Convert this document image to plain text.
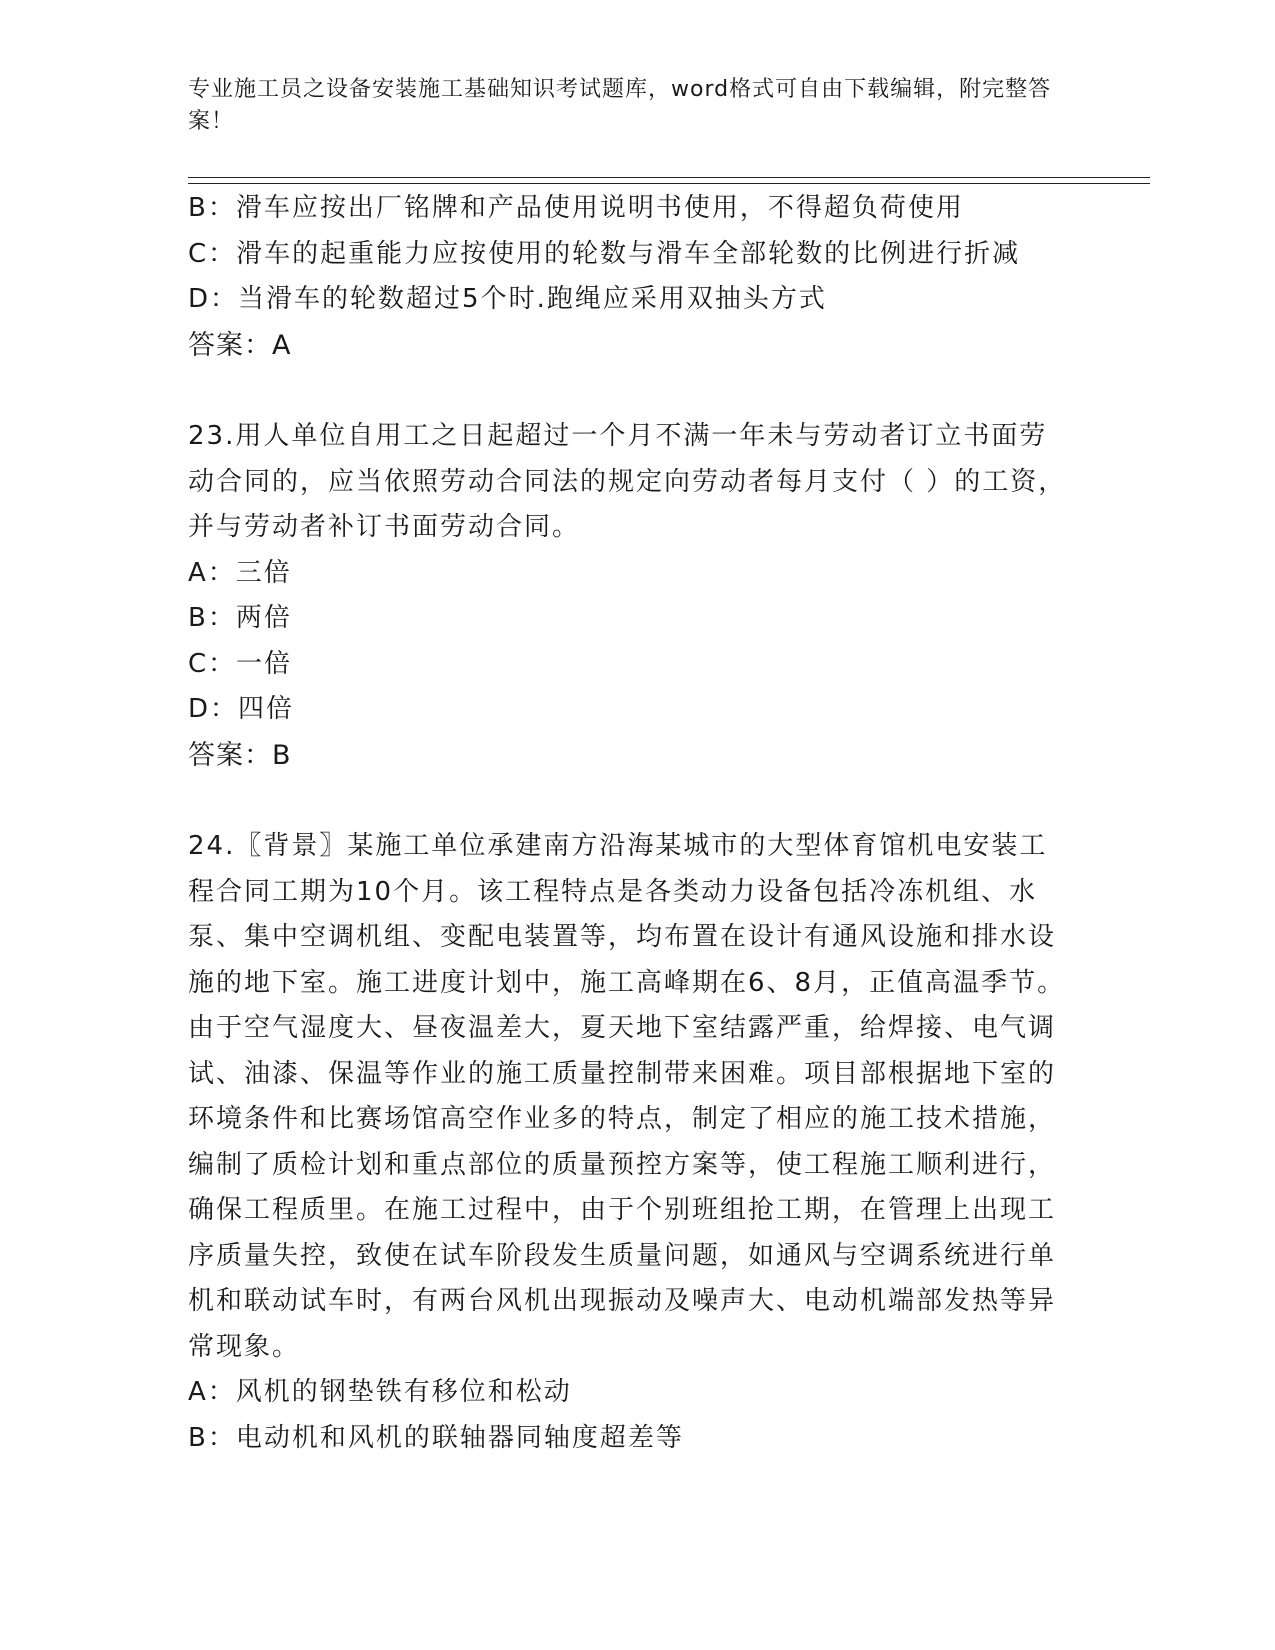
专业施工员之设备安装施工基础知识考试题库，word格式可自由下载编辑，附完整答案！
B：滑车应按出厂铭牌和产品使用说明书使用，不得超负荷使用
C：滑车的起重能力应按使用的轮数与滑车全部轮数的比例进行折减
D：当滑车的轮数超过5个时.跑绳应采用双抽头方式
答案：A
23.用人单位自用工之日起超过一个月不满一年未与劳动者订立书面劳动合同的，应当依照劳动合同法的规定向劳动者每月支付（ ）的工资，并与劳动者补订书面劳动合同。
A：三倍
B：两倍
C：一倍
D：四倍
答案：B
24.〖背景〗某施工单位承建南方沿海某城市的大型体育馆机电安装工程合同工期为10个月。该工程特点是各类动力设备包括冷冻机组、水泵、集中空调机组、变配电装置等，均布置在设计有通风设施和排水设施的地下室。施工进度计划中，施工高峰期在6、8月，正值高温季节。由于空气湿度大、昼夜温差大，夏天地下室结露严重，给焊接、电气调试、油漆、保温等作业的施工质量控制带来困难。项目部根据地下室的环境条件和比赛场馆高空作业多的特点，制定了相应的施工技术措施，编制了质检计划和重点部位的质量预控方案等，使工程施工顺利进行，确保工程质里。在施工过程中，由于个别班组抢工期，在管理上出现工序质量失控，致使在试车阶段发生质量问题，如通风与空调系统进行单机和联动试车时，有两台风机出现振动及噪声大、电动机端部发热等异常现象。
A：风机的钢垫铁有移位和松动
B：电动机和风机的联轴器同轴度超差等
